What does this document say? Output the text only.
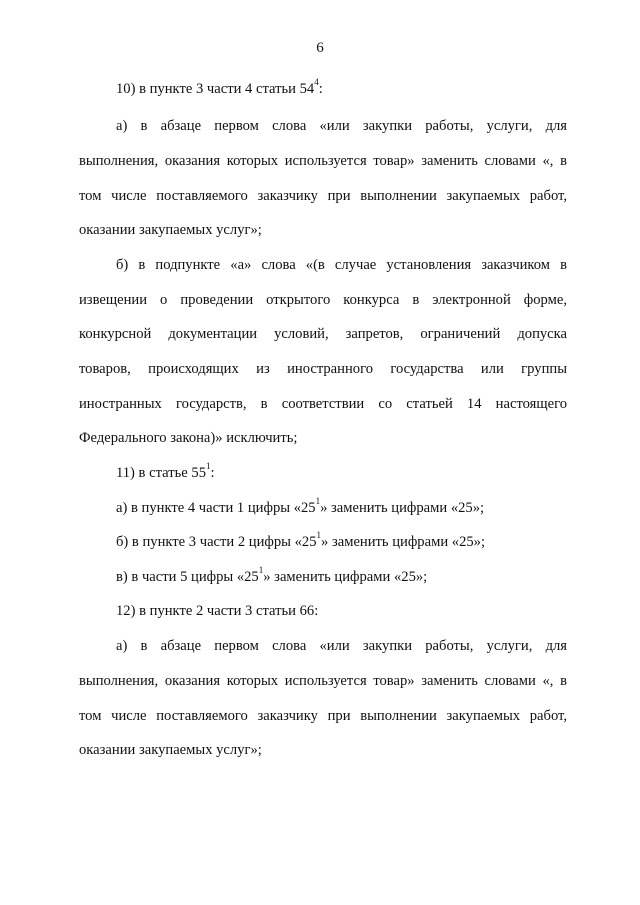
6
10) в пункте 3 части 4 статьи $54^4$:
а) в абзаце первом слова «или закупки работы, услуги, для
выполнения, оказания которых используется товар» заменить словами «, в
том числе поставляемого заказчику при выполнении закупаемых работ,
оказании закупаемых услуг»;
б) в подпункте «а» слова «(в случае установления заказчиком в
извещении о проведении открытого конкурса в электронной форме,
конкурсной документации условий, запретов, ограничений допуска
товаров, происходящих из иностранного государства или группы
иностранных государств, в соответствии со статьей 14 настоящего
Федерального закона)» исключить;
11) в статье $55^1$:
а) в пункте 4 части 1 цифры «$25^1$» заменить цифрами «25»;
б) в пункте 3 части 2 цифры «$25^1$» заменить цифрами «25»;
в) в части 5 цифры «$25^1$» заменить цифрами «25»;
12) в пункте 2 части 3 статьи 66:
а) в абзаце первом слова «или закупки работы, услуги, для
выполнения, оказания которых используется товар» заменить словами «, в
том числе поставляемого заказчику при выполнении закупаемых работ,
оказании закупаемых услуг»;
